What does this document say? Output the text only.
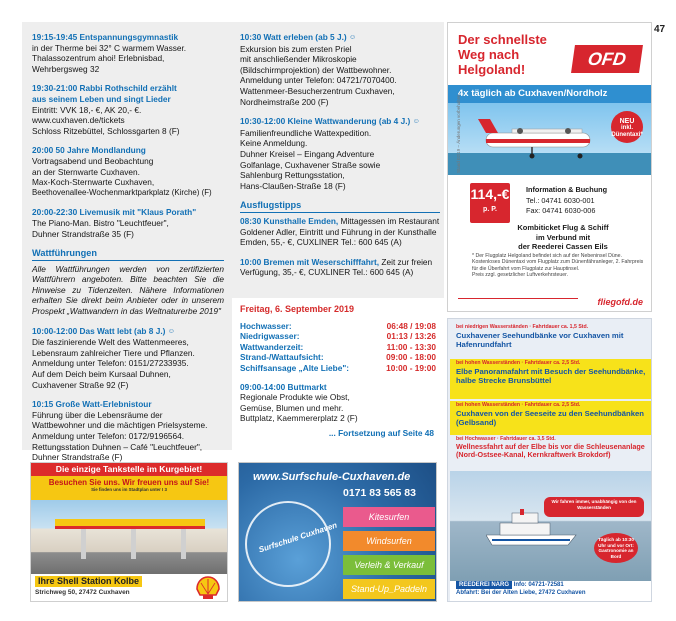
47
19:15-19:45 Entspannungsgymnastik
in der Therme bei 32° C warmem Wasser.
Thalassozentrum ahoi! Erlebnisbad,
Wehrbergsweg 32
19:30-21:00 Rabbi Rothschild erzählt
aus seinem Leben und singt Lieder
Eintritt: VVK 18,- €, AK 20,- €.
www.cuxhaven.de/tickets
Schloss Ritzebüttel, Schlossgarten 8 (F)
20:00 50 Jahre Mondlandung
Vortragsabend und Beobachtung
an der Sternwarte Cuxhaven.
Max-Koch-Sternwarte Cuxhaven,
Beethovenallee-Wochenmarktparkplatz (Kirche) (F)
20:00-22:30 Livemusik mit "Klaus Porath"
The Piano-Man. Bistro "Leuchtfeuer",
Duhner Strandstraße 35 (F)
Wattführungen
Alle Wattführungen werden von zertifizierten Wattführern angeboten. Bitte beachten Sie die Hinweise zu Tidenzeiten. Nähere Informationen erhalten Sie direkt beim Anbieter oder in unserem Prospekt „Wattwandern in das Weltnaturerbe 2019"
10:00-12:00 Das Watt lebt (ab 8 J.) ☺
Die faszinierende Welt des Wattenmeeres,
Lebensraum zahlreicher Tiere und Pflanzen.
Anmeldung unter Telefon: 0151/27233935.
Auf dem Deich beim Kursaal Duhnen,
Cuxhavener Straße 92 (F)
10:15 Große Watt-Erlebnistour
Führung über die Lebensräume der
Wattbewohner und die mächtigen Prielsysteme.
Anmeldung unter Telefon: 0172/9196564.
Rettungsstation Duhnen – Café "Leuchtfeuer",
Duhner Strandstraße (F)
10:30 Watt erleben (ab 5 J.) ☺
Exkursion bis zum ersten Priel
mit anschließender Mikroskopie
(Bildschirmprojektion) der Wattbewohner.
Anmeldung unter Telefon: 04721/7070400.
Wattenmeer-Besucherzentrum Cuxhaven,
Nordheimstraße 200 (F)
10:30-12:00 Kleine Wattwanderung (ab 4 J.) ☺
Familienfreundliche Wattexpedition.
Keine Anmeldung.
Duhner Kreisel – Eingang Adventure
Golfanlage, Cuxhavener Straße sowie
Sahlenburg Rettungsstation,
Hans-Claußen-Straße 18 (F)
Ausflugstipps
08:30 Kunsthalle Emden, Mittagessen im Restaurant Goldener Adler, Eintritt und Führung in der Kunsthalle Emden, 55,- €, CUXLINER Tel.: 600 645 (A)
10:00 Bremen mit Weserschifffahrt, Zeit zur freien Verfügung, 35,- €, CUXLINER Tel.: 600 645 (A)
Freitag, 6. September 2019
Hochwasser:	06:48 / 19:08
Niedrigwasser:	01:13 / 13:26
Wattwanderzeit:	11:00 - 13:30
Strand-/Wattaufsicht:	09:00 - 18:00
Schiffsansage „Alte Liebe":	10:00 - 19:00
09:00-14:00 Buttmarkt
Regionale Produkte wie Obst,
Gemüse, Blumen und mehr.
Buttplatz, Kaemmererplatz 2 (F)
... Fortsetzung auf Seite 48
Der schnellste Weg nach Helgoland!
OFD
4x täglich ab Cuxhaven/Nordholz
NEU
inkl. Dünentaxi*
114,-€
p. P.
Information & Buchung
Tel.: 04741 6030-001
Fax: 04741 6030-006
Kombiticket Flug & Schiff
im Verbund mit
der Reederei Cassen Eils
* Der Flugplatz Helgoland befindet sich auf der Nebeninsel Düne. Kostenloses Dünentaxi vom Flugplatz zum Dünenfähranleger, 2. Fahrpreis für die Überfahrt vom Flugplatz zur Hauptinsel.
Preis zzgl. gesetzlicher Luftverkehrsteuer.
Stand 02/19 – Änderungen vorbehalten.
fliegofd.de
bei niedrigen Wasserständen · Fahrtdauer ca. 1,5 Std.
Cuxhavener Seehundbänke vor Cuxhaven mit Hafenrundfahrt
bei hohen Wasserständen · Fahrtdauer ca. 2,5 Std.
Elbe Panoramafahrt mit Besuch der Seehundbänke, halbe Strecke Brunsbüttel
bei hohen Wasserständen · Fahrtdauer ca. 2,5 Std.
Cuxhaven von der Seeseite zu den Seehundbänken (Gelbsand)
bei Hochwasser · Fahrtdauer ca. 3,5 Std.
Wellnessfahrt auf der Elbe bis vor die Schleusenanlage (Nord-Ostsee-Kanal, Kernkraftwerk Brokdorf)
Wir fahren immer, unabhängig von den Wasserständen
Täglich ab 10:30 Uhr und vor Ort: Gastronomie an Bord
REEDEREI NARG Info: 04721-72581
Abfahrt: Bei der Alten Liebe, 27472 Cuxhaven
Die einzige Tankstelle im Kurgebiet!
Besuchen Sie uns. Wir freuen uns auf Sie!
Sie finden uns im Stadtplan unter I 3
Ihre Shell Station Kolbe
Strichweg 50, 27472 Cuxhaven
www.Surfschule-Cuxhaven.de
0171 83 565 83
Surfschule Cuxhaven
Kitesurfen
Windsurfen
Verleih & Verkauf
Stand-Up_Paddeln
